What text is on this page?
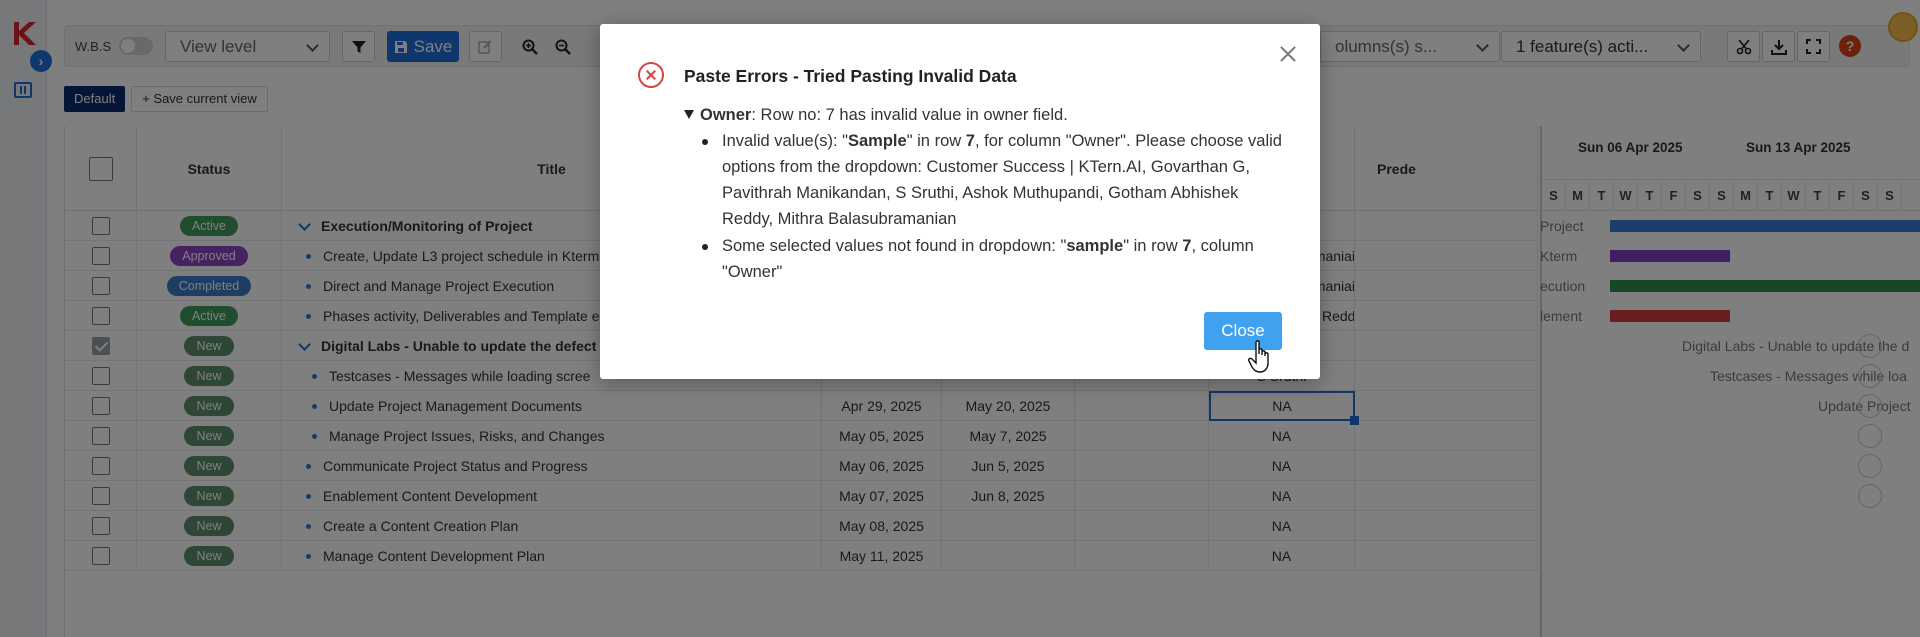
Paste Errors - Tried Pasting Invalid Data
Owner: Row no: 7 has invalid value in owner field.
Invalid value(s): "Sample" in row 7, for column "Owner". Please choose valid options from the dropdown: Customer Success | KTern.AI, Govarthan G, Pavithrah Manikandan, S Sruthi, Ashok Muthupandi, Gotham Abhishek Reddy, Mithra Balasubramanian
Some selected values not found in dropdown: "sample" in row 7, column "Owner"
Close
